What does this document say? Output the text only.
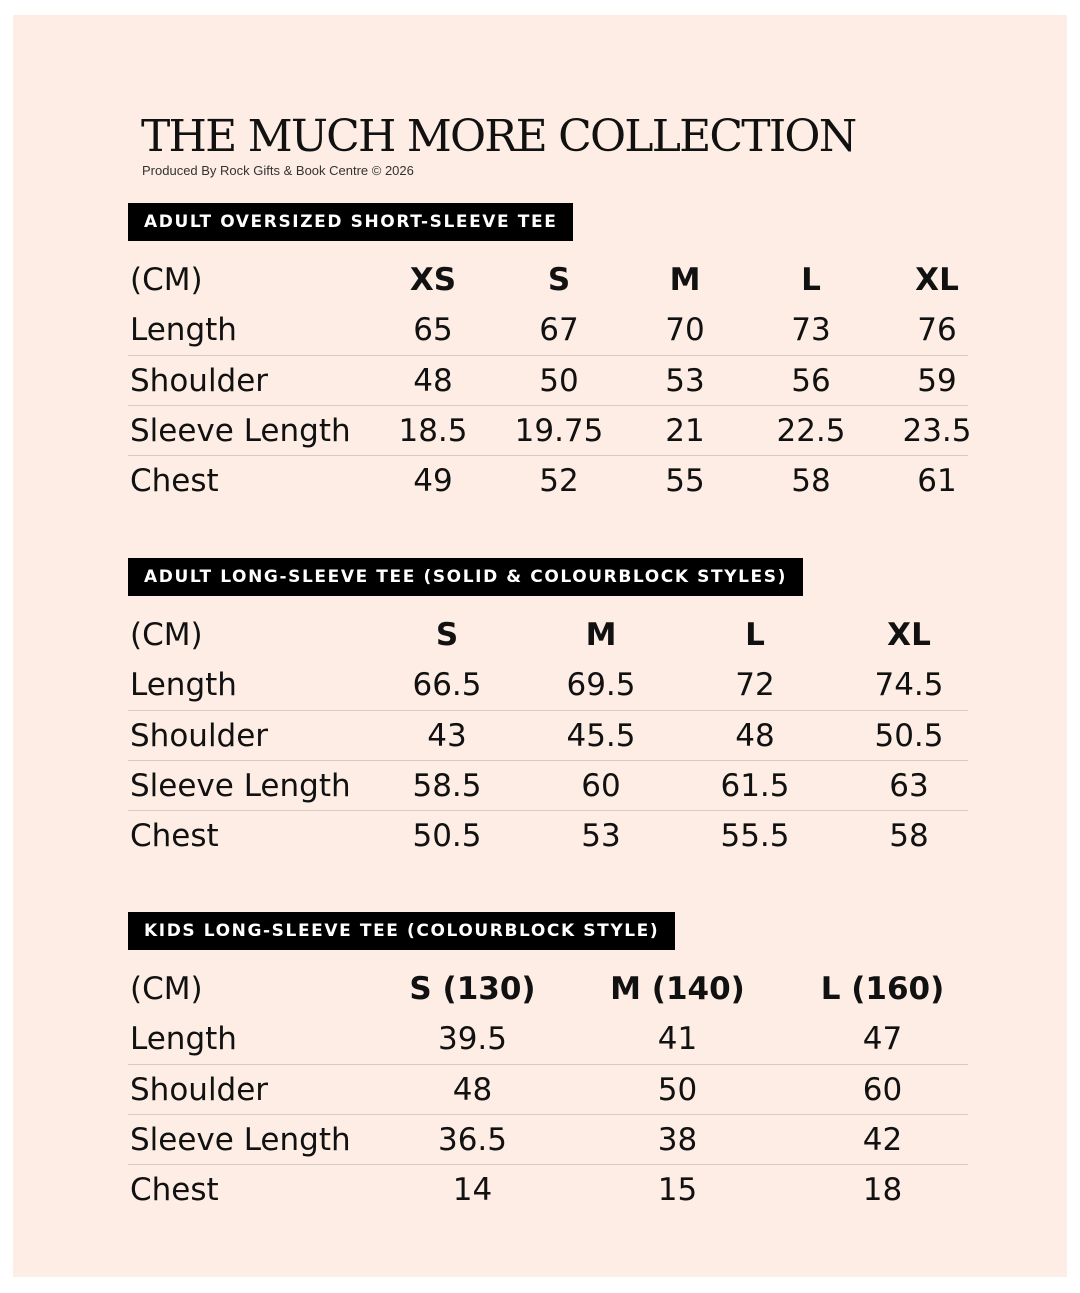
THE MUCH MORE COLLECTION
Produced By Rock Gifts & Book Centre © 2026
ADULT OVERSIZED SHORT-SLEEVE TEE
(CM)	XS	S	M	L	XL
Length	65	67	70	73	76
Shoulder	48	50	53	56	59
Sleeve Length	18.5	19.75	21	22.5	23.5
Chest	49	52	55	58	61
ADULT LONG-SLEEVE TEE (SOLID & COLOURBLOCK STYLES)
(CM)	S	M	L	XL
Length	66.5	69.5	72	74.5
Shoulder	43	45.5	48	50.5
Sleeve Length	58.5	60	61.5	63
Chest	50.5	53	55.5	58
KIDS LONG-SLEEVE TEE (COLOURBLOCK STYLE)
(CM)	S (130)	M (140)	L (160)
Length	39.5	41	47
Shoulder	48	50	60
Sleeve Length	36.5	38	42
Chest	14	15	18
